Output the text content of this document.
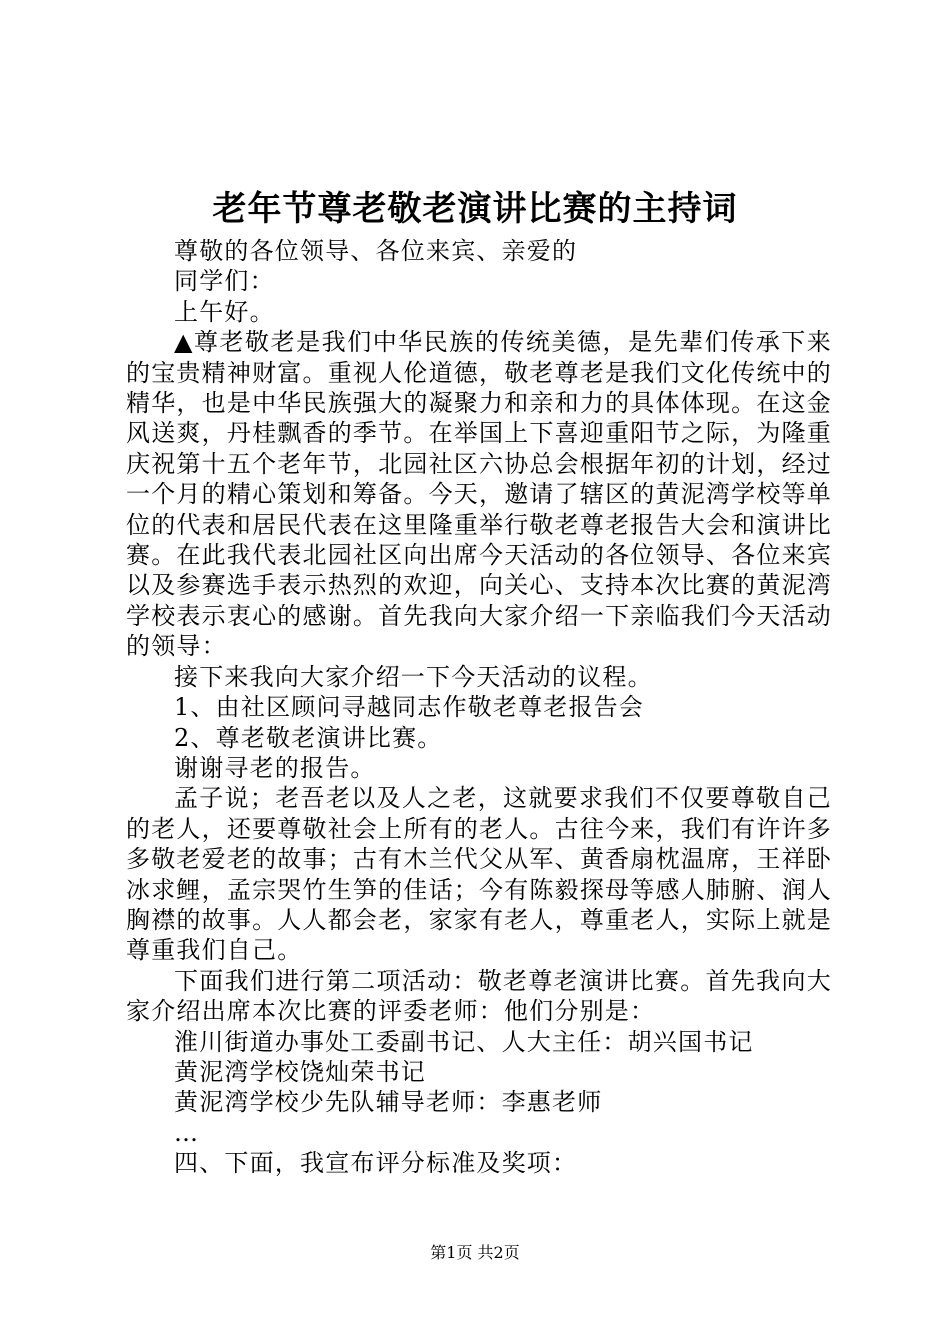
老年节尊老敬老演讲比赛的主持词

尊敬的各位领导、各位来宾、亲爱的

同学们：

上午好。

▲尊老敬老是我们中华民族的传统美德，是先辈们传承下来的宝贵精神财富。重视人伦道德，敬老尊老是我们文化传统中的精华，也是中华民族强大的凝聚力和亲和力的具体体现。在这金风送爽，丹桂飘香的季节。在举国上下喜迎重阳节之际，为隆重庆祝第十五个老年节，北园社区六协总会根据年初的计划，经过一个月的精心策划和筹备。今天，邀请了辖区的黄泥湾学校等单位的代表和居民代表在这里隆重举行敬老尊老报告大会和演讲比赛。在此我代表北园社区向出席今天活动的各位领导、各位来宾以及参赛选手表示热烈的欢迎，向关心、支持本次比赛的黄泥湾学校表示衷心的感谢。首先我向大家介绍一下亲临我们今天活动的领导：

接下来我向大家介绍一下今天活动的议程。

1、由社区顾问寻越同志作敬老尊老报告会

2、尊老敬老演讲比赛。

谢谢寻老的报告。

孟子说；老吾老以及人之老，这就要求我们不仅要尊敬自己的老人，还要尊敬社会上所有的老人。古往今来，我们有许许多多敬老爱老的故事；古有木兰代父从军、黄香扇枕温席，王祥卧冰求鲤，孟宗哭竹生笋的佳话；今有陈毅探母等感人肺腑、润人胸襟的故事。人人都会老，家家有老人，尊重老人，实际上就是尊重我们自己。

下面我们进行第二项活动：敬老尊老演讲比赛。首先我向大家介绍出席本次比赛的评委老师：他们分别是：

淮川街道办事处工委副书记、人大主任：胡兴国书记

黄泥湾学校饶灿荣书记

黄泥湾学校少先队辅导老师：李惠老师

…

四、下面，我宣布评分标准及奖项：

第1页 共2页
